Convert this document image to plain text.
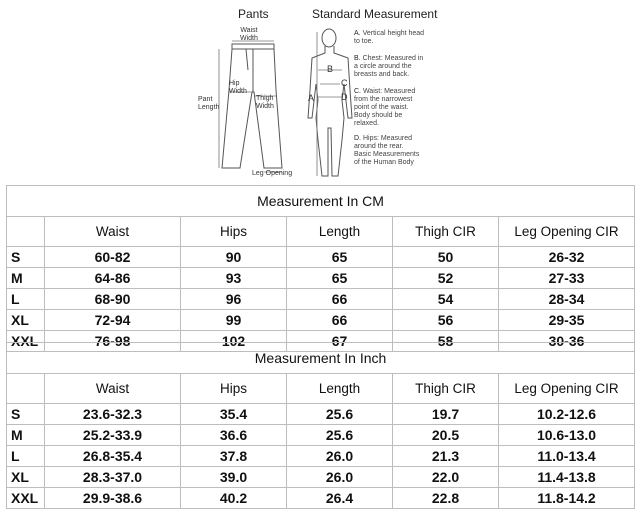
Pants	Standard Measurement
Waist
Width
Hip
Width
Pant
Length
Thigh
Width
Leg Opening
A
B
C
D
A. Vertical height head
to toe.
B. Chest: Measured in
a circle around the
breasts and back.
C. Waist: Measured
from the narrowest
point of the waist.
Body should be
relaxed.
D. Hips: Measured
around the rear.
Basic Measurements
of the Human Body
Measurement In CM					
	Waist	Hips	Length	Thigh CIR	Leg Opening CIR
S	60-82	90	65	50	26-32
M	64-86	93	65	52	27-33
L	68-90	96	66	54	28-34
XL	72-94	99	66	56	29-35
XXL	76-98	102	67	58	30-36
Measurement In Inch					
	Waist	Hips	Length	Thigh CIR	Leg Opening CIR
S	23.6-32.3	35.4	25.6	19.7	10.2-12.6
M	25.2-33.9	36.6	25.6	20.5	10.6-13.0
L	26.8-35.4	37.8	26.0	21.3	11.0-13.4
XL	28.3-37.0	39.0	26.0	22.0	11.4-13.8
XXL	29.9-38.6	40.2	26.4	22.8	11.8-14.2
